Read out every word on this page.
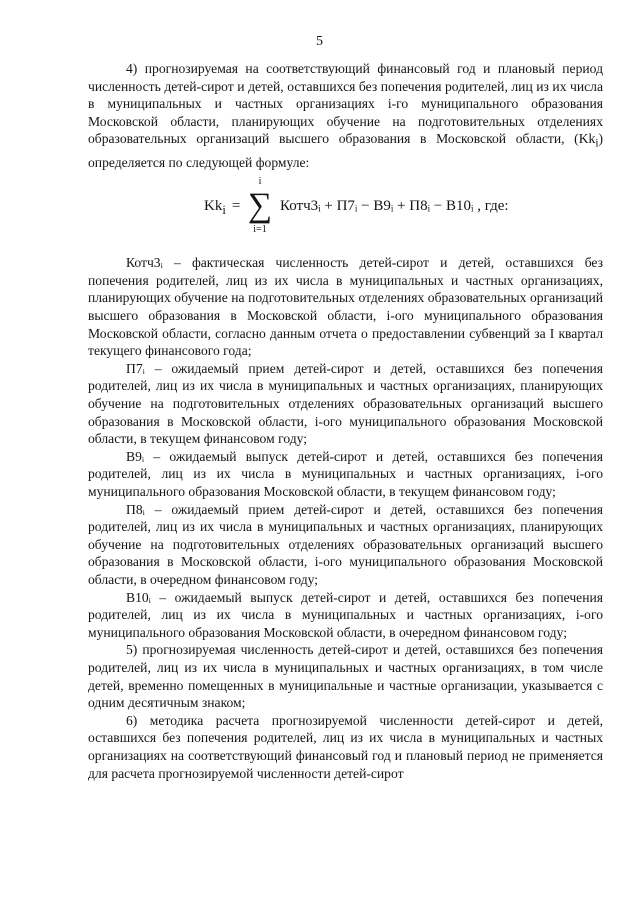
5

4) прогнозируемая на соответствующий финансовый год и плановый период численность детей-сирот и детей, оставшихся без попечения родителей, лиц из их числа в муниципальных и частных организациях i-го муниципального образования Московской области, планирующих обучение на подготовительных отделениях образовательных организаций высшего образования в Московской области, $(Kk_i)$ определяется по следующей формуле:

$Kk_i$ =
i
∑
i=1
Котч3ᵢ + П7ᵢ − В9ᵢ + П8ᵢ − В10ᵢ , где:

Котч3ᵢ – фактическая численность детей-сирот и детей, оставшихся без попечения родителей, лиц из их числа в муниципальных и частных организациях, планирующих обучение на подготовительных отделениях образовательных организаций высшего образования в Московской области, i-ого муниципального образования Московской области, согласно данным отчета о предоставлении субвенций за I квартал текущего финансового года;

П7ᵢ – ожидаемый прием детей-сирот и детей, оставшихся без попечения родителей, лиц из их числа в муниципальных и частных организациях, планирующих обучение на подготовительных отделениях образовательных организаций высшего образования в Московской области, i-ого муниципального образования Московской области, в текущем финансовом году;

В9ᵢ – ожидаемый выпуск детей-сирот и детей, оставшихся без попечения родителей, лиц из их числа в муниципальных и частных организациях, i-ого муниципального образования Московской области, в текущем финансовом году;

П8ᵢ – ожидаемый прием детей-сирот и детей, оставшихся без попечения родителей, лиц из их числа в муниципальных и частных организациях, планирующих обучение на подготовительных отделениях образовательных организаций высшего образования в Московской области, i-ого муниципального образования Московской области, в очередном финансовом году;

В10ᵢ – ожидаемый выпуск детей-сирот и детей, оставшихся без попечения родителей, лиц из их числа в муниципальных и частных организациях, i-ого муниципального образования Московской области, в очередном финансовом году;

5) прогнозируемая численность детей-сирот и детей, оставшихся без попечения родителей, лиц из их числа в муниципальных и частных организациях, в том числе детей, временно помещенных в муниципальные и частные организации, указывается с одним десятичным знаком;

6) методика расчета прогнозируемой численности детей-сирот и детей, оставшихся без попечения родителей, лиц из их числа в муниципальных и частных организациях на соответствующий финансовый год и плановый период не применяется для расчета прогнозируемой численности детей-сирот
